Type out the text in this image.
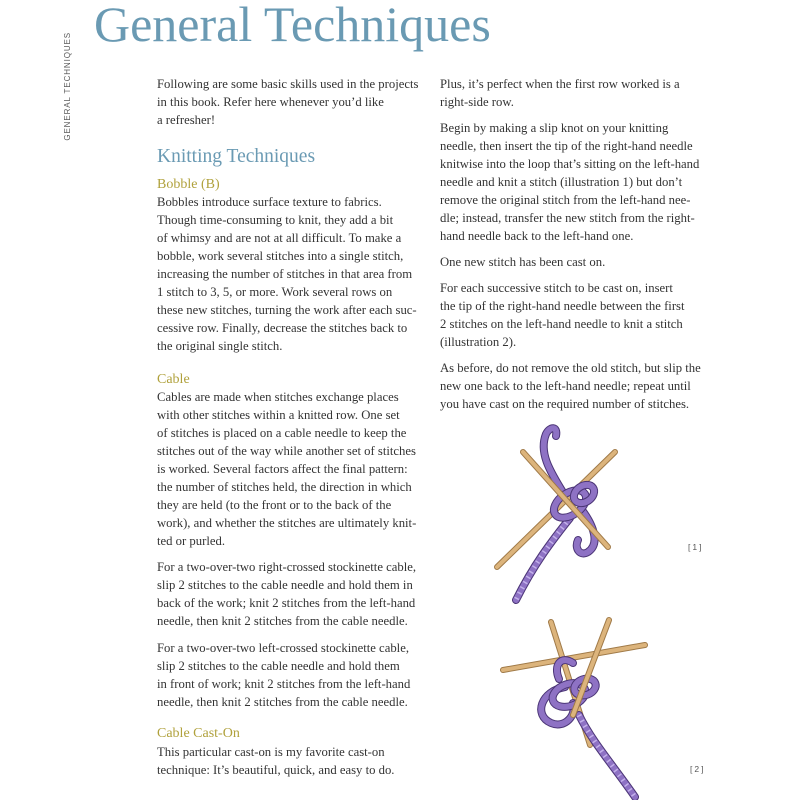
GENERAL TECHNIQUES
General Techniques

Following are some basic skills used in the projects
in this book. Refer here whenever you’d like
a refresher!

Knitting Techniques
Bobble (B)

Bobbles introduce surface texture to fabrics.
Though time-consuming to knit, they add a bit
of whimsy and are not at all difficult. To make a
bobble, work several stitches into a single stitch,
increasing the number of stitches in that area from
1 stitch to 3, 5, or more. Work several rows on
these new stitches, turning the work after each suc-
cessive row. Finally, decrease the stitches back to
the original single stitch.

Cable

Cables are made when stitches exchange places
with other stitches within a knitted row. One set
of stitches is placed on a cable needle to keep the
stitches out of the way while another set of stitches
is worked. Several factors affect the final pattern:
the number of stitches held, the direction in which
they are held (to the front or to the back of the
work), and whether the stitches are ultimately knit-
ted or purled.

For a two-over-two right-crossed stockinette cable,
slip 2 stitches to the cable needle and hold them in
back of the work; knit 2 stitches from the left-hand
needle, then knit 2 stitches from the cable needle.

For a two-over-two left-crossed stockinette cable,
slip 2 stitches to the cable needle and hold them
in front of work; knit 2 stitches from the left-hand
needle, then knit 2 stitches from the cable needle.

Cable Cast-On

This particular cast-on is my favorite cast-on
technique: It’s beautiful, quick, and easy to do.

Plus, it’s perfect when the first row worked is a
right-side row.

Begin by making a slip knot on your knitting
needle, then insert the tip of the right-hand needle
knitwise into the loop that’s sitting on the left-hand
needle and knit a stitch (illustration 1) but don’t
remove the original stitch from the left-hand nee-
dle; instead, transfer the new stitch from the right-
hand needle back to the left-hand one.

One new stitch has been cast on.

For each successive stitch to be cast on, insert
the tip of the right-hand needle between the first
2 stitches on the left-hand needle to knit a stitch
(illustration 2).

As before, do not remove the old stitch, but slip the
new one back to the left-hand needle; repeat until
you have cast on the required number of stitches.

[1]
[2]
